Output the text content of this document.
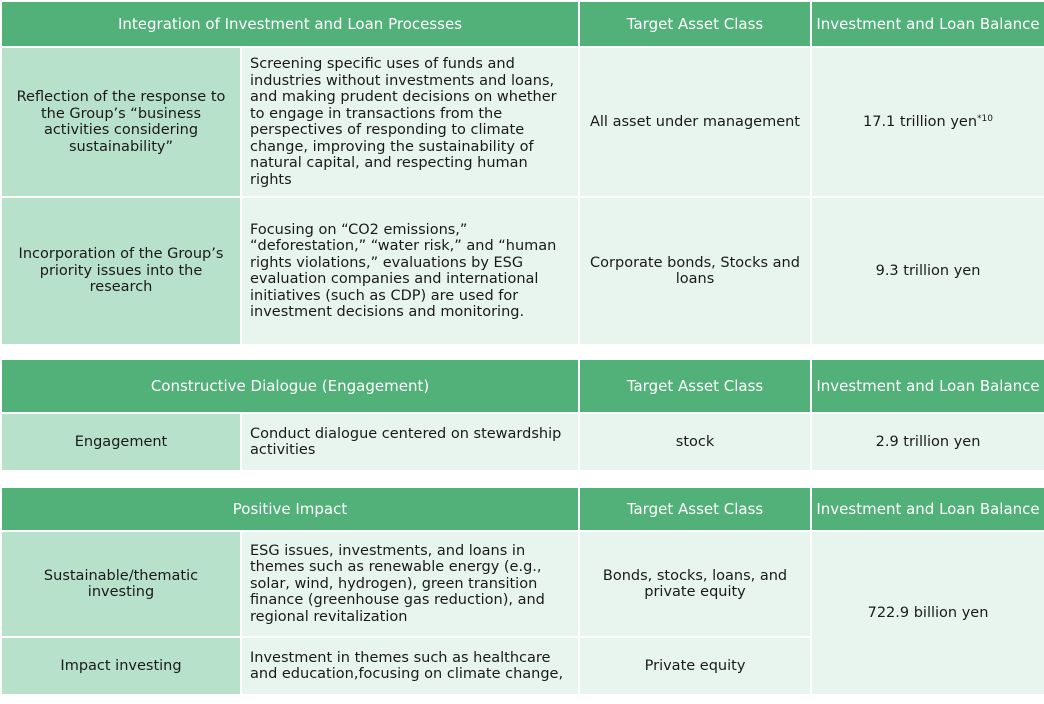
Integration of Investment and Loan Processes		Target Asset Class	Investment and Loan Balance
Reflection of the response to the Group’s “business activities considering sustainability”	Screening specific uses of funds and industries without investments and loans, and making prudent decisions on whether to engage in transactions from the perspectives of responding to climate change, improving the sustainability of natural capital, and respecting human rights	All asset under management	17.1 trillion yen$^{*10}$
Incorporation of the Group’s priority issues into the research	Focusing on “CO2 emissions,” “deforestation,” “water risk,” and “human rights violations,” evaluations by ESG evaluation companies and international initiatives (such as CDP) are used for investment decisions and monitoring.	Corporate bonds, Stocks and loans	9.3 trillion yen
Constructive Dialogue (Engagement)		Target Asset Class	Investment and Loan Balance
Engagement	Conduct dialogue centered on stewardship activities	stock	2.9 trillion yen
Positive Impact		Target Asset Class	Investment and Loan Balance
Sustainable/thematic investing	ESG issues, investments, and loans in themes such as renewable energy (e.g., solar, wind, hydrogen), green transition finance (greenhouse gas reduction), and regional revitalization	Bonds, stocks, loans, and private equity	722.9 billion yen
Impact investing	Investment in themes such as healthcare and education,focusing on climate change,	Private equity	
